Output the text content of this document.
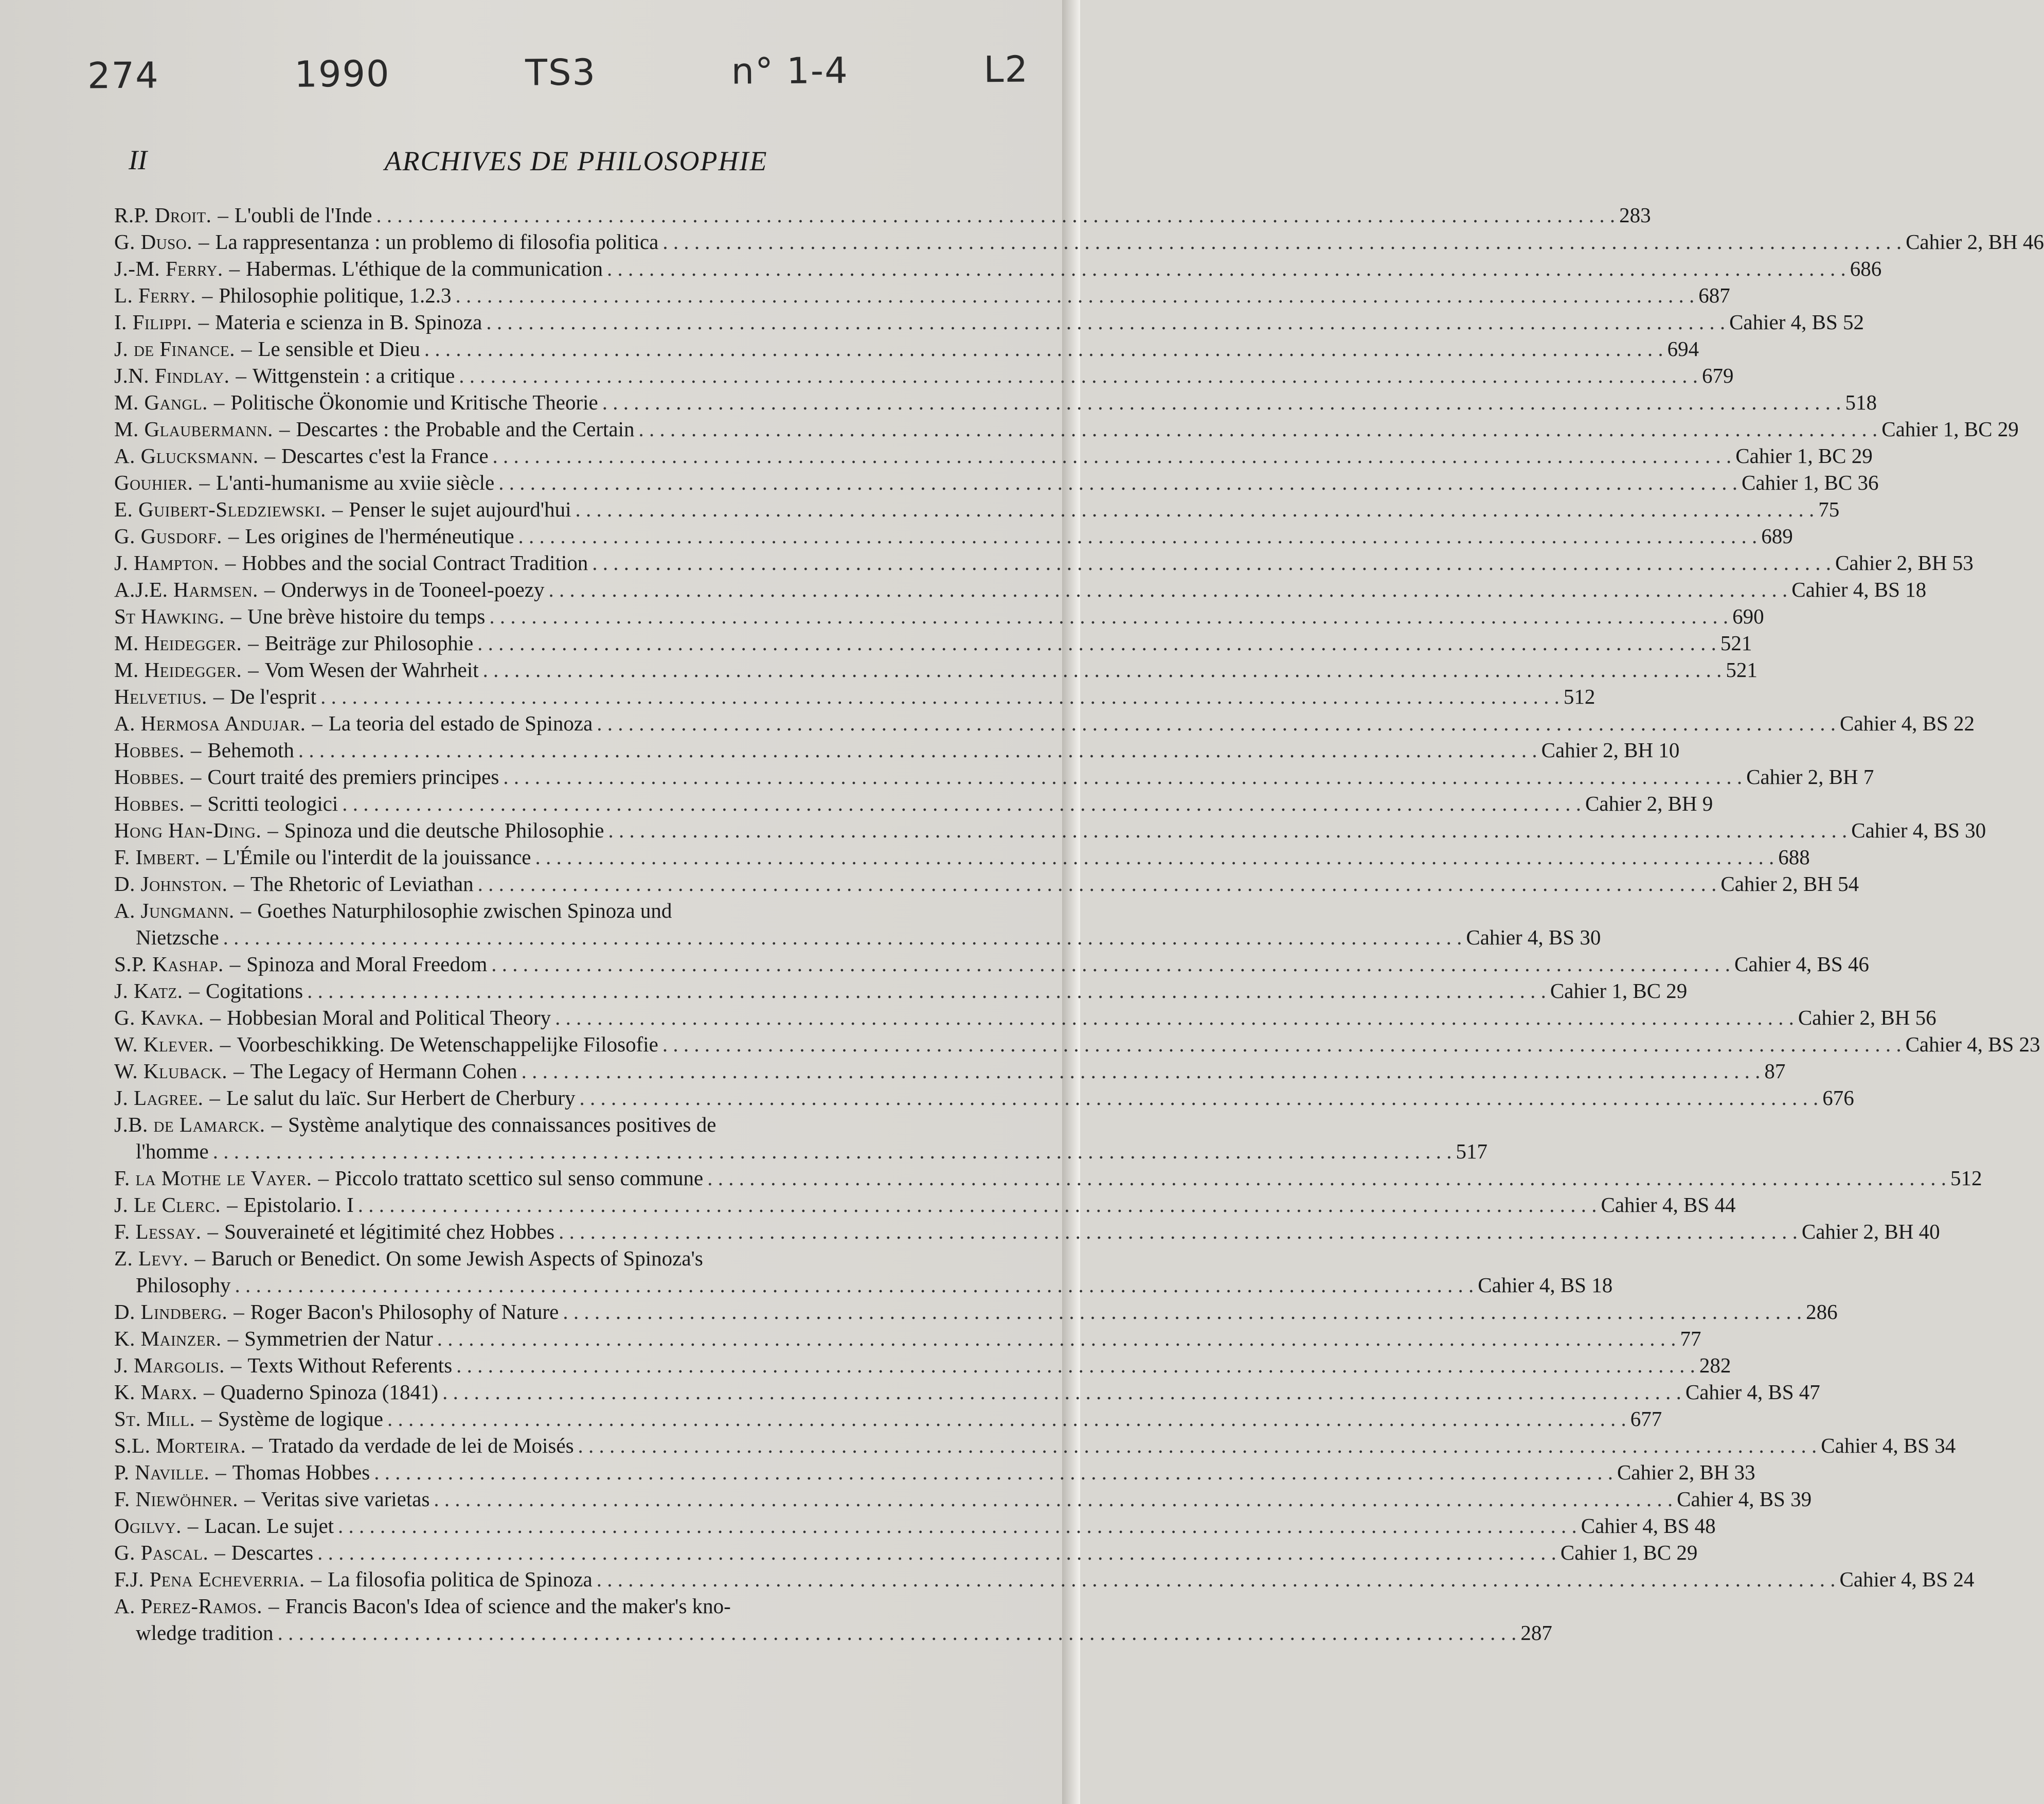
274	1990	TS3	n° 1-4	L2
II	ARCHIVES DE PHILOSOPHIE
R.P. Droit. – L'oubli de l'Inde . . .	283
G. Duso. – La rappresentanza : un problemo di filosofia politica . . .	Cahier 2, BH 46
J.-M. Ferry. – Habermas. L'éthique de la communication . . .	686
L. Ferry. – Philosophie politique, 1.2.3 . . .	687
I. Filippi. – Materia e scienza in B. Spinoza . . .	Cahier 4, BS 52
J. de Finance. – Le sensible et Dieu . . .	694
J.N. Findlay. – Wittgenstein : a critique . . .	679
M. Gangl. – Politische Ökonomie und Kritische Theorie . . .	518
M. Glaubermann. – Descartes : the Probable and the Certain . . .	Cahier 1, BC 29
A. Glucksmann. – Descartes c'est la France . . .	Cahier 1, BC 29
Gouhier. – L'anti-humanisme au xviie siècle . . .	Cahier 1, BC 36
E. Guibert-Sledziewski. – Penser le sujet aujourd'hui . . .	75
G. Gusdorf. – Les origines de l'herméneutique . . .	689
J. Hampton. – Hobbes and the social Contract Tradition . . .	Cahier 2, BH 53
A.J.E. Harmsen. – Onderwys in de Tooneel-poezy . . .	Cahier 4, BS 18
St Hawking. – Une brève histoire du temps . . .	690
M. Heidegger. – Beiträge zur Philosophie . . .	521
M. Heidegger. – Vom Wesen der Wahrheit . . .	521
Helvetius. – De l'esprit . . .	512
A. Hermosa Andujar. – La teoria del estado de Spinoza . . .	Cahier 4, BS 22
Hobbes. – Behemoth . . .	Cahier 2, BH 10
Hobbes. – Court traité des premiers principes . . .	Cahier 2, BH 7
Hobbes. – Scritti teologici . . .	Cahier 2, BH 9
Hong Han-Ding. – Spinoza und die deutsche Philosophie . . .	Cahier 4, BS 30
F. Imbert. – L'Émile ou l'interdit de la jouissance . . .	688
D. Johnston. – The Rhetoric of Leviathan . . .	Cahier 2, BH 54
A. Jungmann. – Goethes Naturphilosophie zwischen Spinoza und
Nietzsche . . .	Cahier 4, BS 30
S.P. Kashap. – Spinoza and Moral Freedom . . .	Cahier 4, BS 46
J. Katz. – Cogitations . . .	Cahier 1, BC 29
G. Kavka. – Hobbesian Moral and Political Theory . . .	Cahier 2, BH 56
W. Klever. – Voorbeschikking. De Wetenschappelijke Filosofie . . .	Cahier 4, BS 23
W. Kluback. – The Legacy of Hermann Cohen . . .	87
J. Lagree. – Le salut du laïc. Sur Herbert de Cherbury . . .	676
J.B. de Lamarck. – Système analytique des connaissances positives de
l'homme . . .	517
F. la Mothe le Vayer. – Piccolo trattato scettico sul senso commune . . .	512
J. Le Clerc. – Epistolario. I . . .	Cahier 4, BS 44
F. Lessay. – Souveraineté et légitimité chez Hobbes . . .	Cahier 2, BH 40
Z. Levy. – Baruch or Benedict. On some Jewish Aspects of Spinoza's
Philosophy . . .	Cahier 4, BS 18
D. Lindberg. – Roger Bacon's Philosophy of Nature . . .	286
K. Mainzer. – Symmetrien der Natur . . .	77
J. Margolis. – Texts Without Referents . . .	282
K. Marx. – Quaderno Spinoza (1841) . . .	Cahier 4, BS 47
St. Mill. – Système de logique . . .	677
S.L. Morteira. – Tratado da verdade de lei de Moisés . . .	Cahier 4, BS 34
P. Naville. – Thomas Hobbes . . .	Cahier 2, BH 33
F. Niewöhner. – Veritas sive varietas . . .	Cahier 4, BS 39
Ogilvy. – Lacan. Le sujet . . .	Cahier 4, BS 48
G. Pascal. – Descartes . . .	Cahier 1, BC 29
F.J. Pena Echeverria. – La filosofia politica de Spinoza . . .	Cahier 4, BS 24
A. Perez-Ramos. – Francis Bacon's Idea of science and the maker's kno-
wledge tradition . . .	287
